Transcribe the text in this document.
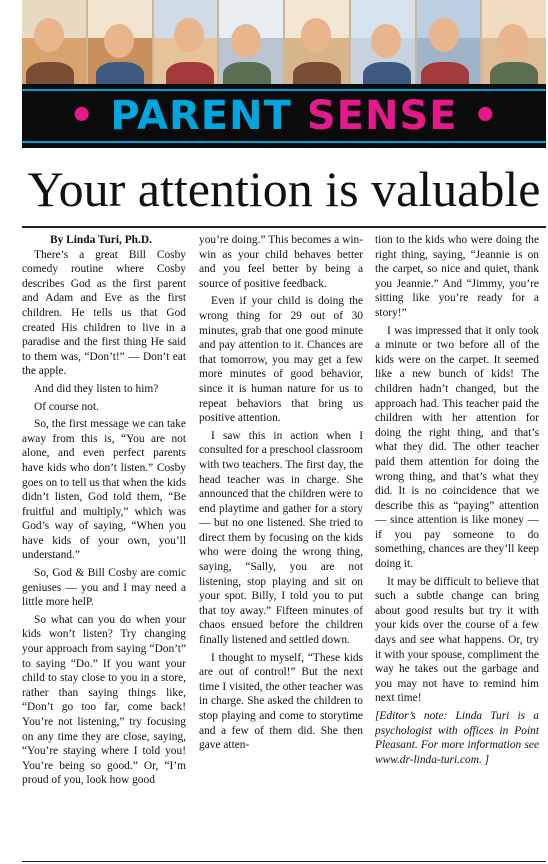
• PARENT SENSE •
Your attention is valuable

By Linda Turi, Ph.D.

There’s a great Bill Cosby comedy routine where Cosby describes God as the first parent and Adam and Eve as the first children. He tells us that God created His children to live in a paradise and the first thing He said to them was, “Don’t!” — Don’t eat the apple.

And did they listen to him?

Of course not.

So, the first message we can take away from this is, “You are not alone, and even perfect parents have kids who don’t listen.” Cosby goes on to tell us that when the kids didn’t listen, God told them, “Be fruitful and multiply,” which was God’s way of saying, “When you have kids of your own, you’ll understand.”

So, God & Bill Cosby are comic geniuses — you and I may need a little more helP.

So what can you do when your kids won’t listen? Try changing your approach from saying “Don’t” to saying “Do.” If you want your child to stay close to you in a store, rather than saying things like, “Don’t go too far, come back! You’re not listening,” try focusing on any time they are close, saying, “You’re staying where I told you! You’re being so good.” Or, “I’m proud of you, look how good

you’re doing.” This becomes a win-win as your child behaves better and you feel better by being a source of positive feedback.

Even if your child is doing the wrong thing for 29 out of 30 minutes, grab that one good minute and pay attention to it. Chances are that tomorrow, you may get a few more minutes of good behavior, since it is human nature for us to repeat behaviors that bring us positive attention.

I saw this in action when I consulted for a preschool classroom with two teachers. The first day, the head teacher was in charge. She announced that the children were to end playtime and gather for a story — but no one listened. She tried to direct them by focusing on the kids who were doing the wrong thing, saying, “Sally, you are not listening, stop playing and sit on your spot. Billy, I told you to put that toy away.” Fifteen minutes of chaos ensued before the children finally listened and settled down.

I thought to myself, “These kids are out of control!” But the next time I visited, the other teacher was in charge. She asked the children to stop playing and come to storytime and a few of them did. She then gave atten-

tion to the kids who were doing the right thing, saying, “Jeannie is on the carpet, so nice and quiet, thank you Jeannie.” And “Jimmy, you’re sitting like you’re ready for a story!”

I was impressed that it only took a minute or two before all of the kids were on the carpet. It seemed like a new bunch of kids! The children hadn’t changed, but the approach had. This teacher paid the children with her attention for doing the right thing, and that’s what they did. The other teacher paid them attention for doing the wrong thing, and that’s what they did. It is no coincidence that we describe this as “paying” attention — since attention is like money — if you pay someone to do something, chances are they’ll keep doing it.

It may be difficult to believe that such a subtle change can bring about good results but try it with your kids over the course of a few days and see what happens. Or, try it with your spouse, compliment the way he takes out the garbage and you may not have to remind him next time!

[Editor’s note: Linda Turi is a psychologist with offices in Point Pleasant. For more information see www.dr-linda-turi.com. ]
